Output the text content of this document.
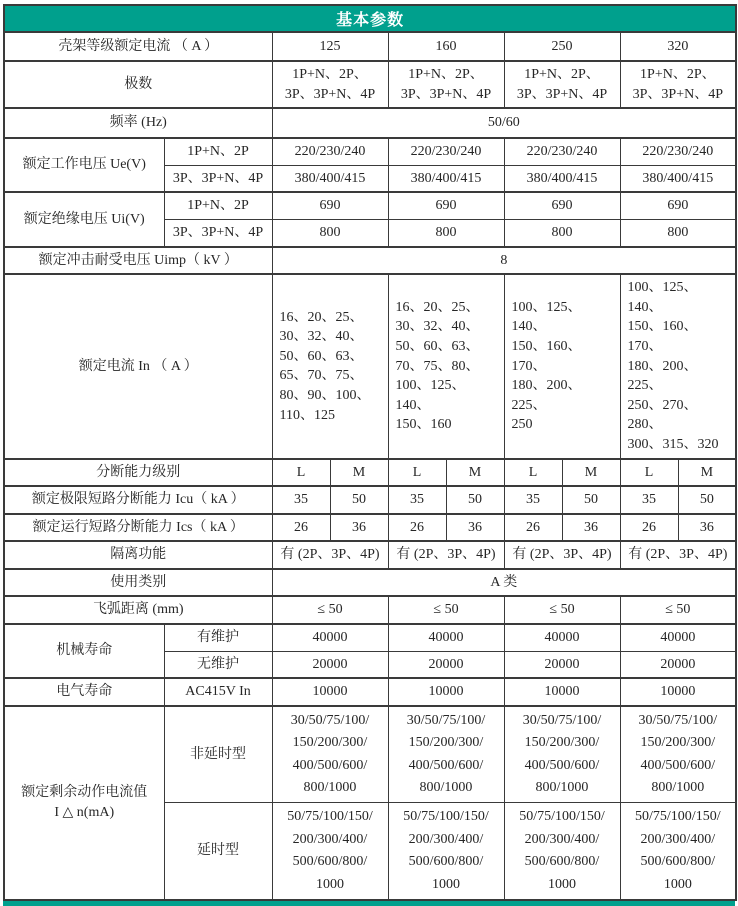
基本参数									
壳架等级额定电流 （ A ）		125		160		250		320	
极数		1P+N、2P、
3P、3P+N、4P		1P+N、2P、
3P、3P+N、4P		1P+N、2P、
3P、3P+N、4P		1P+N、2P、
3P、3P+N、4P	
频率 (Hz)		50/60							
额定工作电压 Ue(V)	1P+N、2P	220/230/240		220/230/240		220/230/240		220/230/240	
	3P、3P+N、4P	380/400/415		380/400/415		380/400/415		380/400/415	
额定绝缘电压 Ui(V)	1P+N、2P	690		690		690		690	
	3P、3P+N、4P	800		800		800		800	
额定冲击耐受电压 Uimp（ kV ）		8							
额定电流 In （ A ）	16、20、25、
30、32、40、
50、60、63、
65、70、75、
80、90、100、
110、125	16、20、25、
30、32、40、
50、60、63、
70、75、80、
100、125、140、
150、160	100、125、140、
150、160、170、
180、200、225、
250	100、125、140、
150、160、170、
180、200、225、
250、270、280、
300、315、320
分断能力级别		L	M	L	M	L	M	L	M
额定极限短路分断能力 Icu（ kA ）		35	50	35	50	35	50	35	50
额定运行短路分断能力 Ics（ kA ）		26	36	26	36	26	36	26	36
隔离功能		有 (2P、3P、4P)		有 (2P、3P、4P)		有 (2P、3P、4P)		有 (2P、3P、4P)	
使用类别		A 类							
飞弧距离 (mm)		≤ 50		≤ 50		≤ 50		≤ 50	
机械寿命	有维护	40000		40000		40000		40000	
	无维护	20000		20000		20000		20000	
电气寿命	AC415V In	10000		10000		10000		10000	
额定剩余动作电流值
I △ n(mA)	非延时型	30/50/75/100/
150/200/300/
400/500/600/
800/1000		30/50/75/100/
150/200/300/
400/500/600/
800/1000		30/50/75/100/
150/200/300/
400/500/600/
800/1000		30/50/75/100/
150/200/300/
400/500/600/
800/1000	
	延时型	50/75/100/150/
200/300/400/
500/600/800/
1000		50/75/100/150/
200/300/400/
500/600/800/
1000		50/75/100/150/
200/300/400/
500/600/800/
1000		50/75/100/150/
200/300/400/
500/600/800/
1000	
